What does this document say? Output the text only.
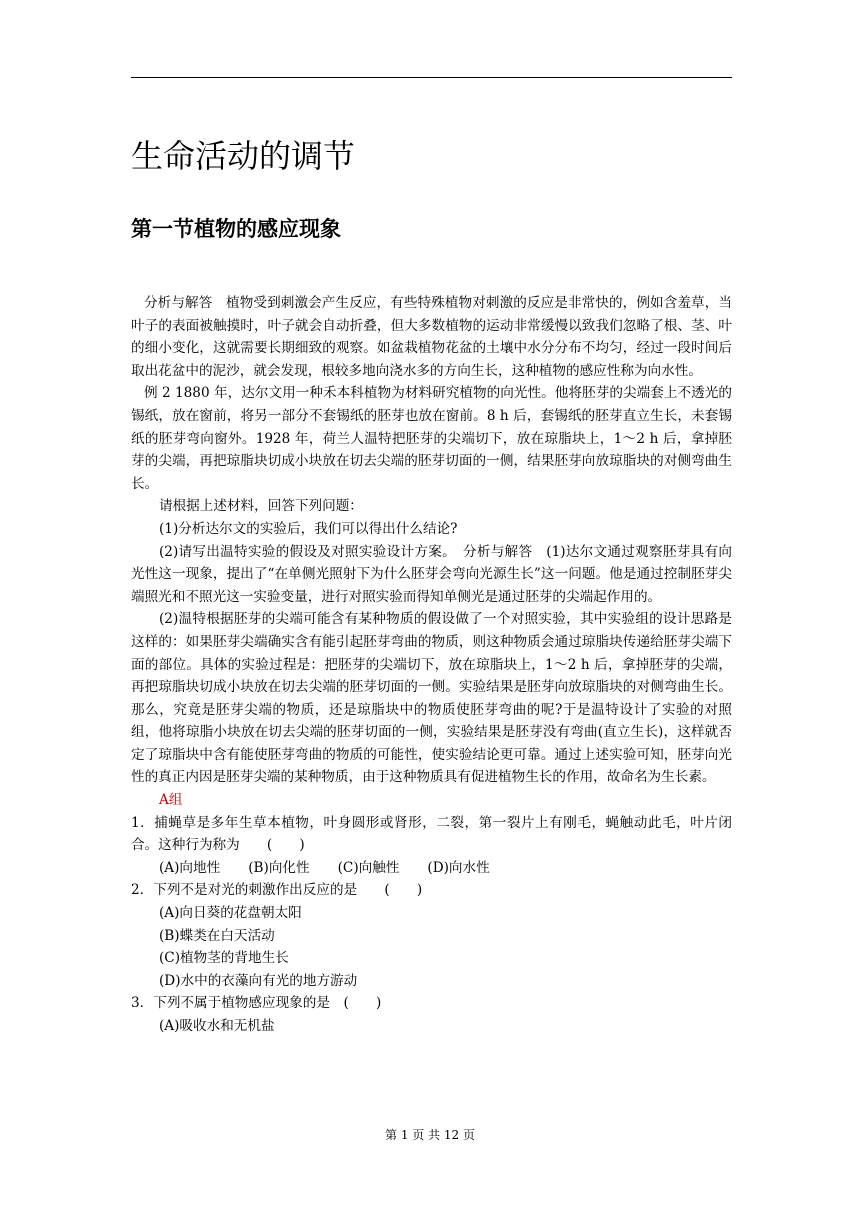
生命活动的调节
第一节植物的感应现象

分析与解答　植物受到刺激会产生反应，有些特殊植物对刺激的反应是非常快的，例如含羞草，当叶子的表面被触摸时，叶子就会自动折叠，但大多数植物的运动非常缓慢以致我们忽略了根、茎、叶的细小变化，这就需要长期细致的观察。如盆栽植物花盆的土壤中水分分布不均匀，经过一段时间后取出花盆中的泥沙，就会发现，根较多地向浇水多的方向生长，这种植物的感应性称为向水性。

例 2 1880 年，达尔文用一种禾本科植物为材料研究植物的向光性。他将胚芽的尖端套上不透光的锡纸，放在窗前，将另一部分不套锡纸的胚芽也放在窗前。8 h 后，套锡纸的胚芽直立生长，未套锡纸的胚芽弯向窗外。1928 年，荷兰人温特把胚芽的尖端切下，放在琼脂块上，1～2 h 后，拿掉胚芽的尖端，再把琼脂块切成小块放在切去尖端的胚芽切面的一侧，结果胚芽向放琼脂块的对侧弯曲生长。

请根据上述材料，回答下列问题：

(1)分析达尔文的实验后，我们可以得出什么结论?

(2)请写出温特实验的假设及对照实验设计方案。　分析与解答　(1)达尔文通过观察胚芽具有向光性这一现象，提出了“在单侧光照射下为什么胚芽会弯向光源生长”这一问题。他是通过控制胚芽尖端照光和不照光这一实验变量，进行对照实验而得知单侧光是通过胚芽的尖端起作用的。

(2)温特根据胚芽的尖端可能含有某种物质的假设做了一个对照实验，其中实验组的设计思路是这样的：如果胚芽尖端确实含有能引起胚芽弯曲的物质，则这种物质会通过琼脂块传递给胚芽尖端下面的部位。具体的实验过程是：把胚芽的尖端切下，放在琼脂块上，1～2 h 后，拿掉胚芽的尖端，再把琼脂块切成小块放在切去尖端的胚芽切面的一侧。实验结果是胚芽向放琼脂块的对侧弯曲生长。那么，究竟是胚芽尖端的物质，还是琼脂块中的物质使胚芽弯曲的呢?于是温特设计了实验的对照组，他将琼脂小块放在切去尖端的胚芽切面的一侧，实验结果是胚芽没有弯曲(直立生长)，这样就否定了琼脂块中含有能使胚芽弯曲的物质的可能性，使实验结论更可靠。通过上述实验可知，胚芽向光性的真正内因是胚芽尖端的某种物质，由于这种物质具有促进植物生长的作用，故命名为生长素。

A组

1．捕蝇草是多年生草本植物，叶身圆形或肾形，二裂，第一裂片上有刚毛，蝇触动此毛，叶片闭合。这种行为称为　　(　　)

(A)向地性 (B)向化性 (C)向触性 (D)向水性

2．下列不是对光的刺激作出反应的是　　(　　)

(A)向日葵的花盘朝太阳

(B)蝶类在白天活动

(C)植物茎的背地生长

(D)水中的衣藻向有光的地方游动

3．下列不属于植物感应现象的是　(　　)

(A)吸收水和无机盐

第 1 页 共 12 页
